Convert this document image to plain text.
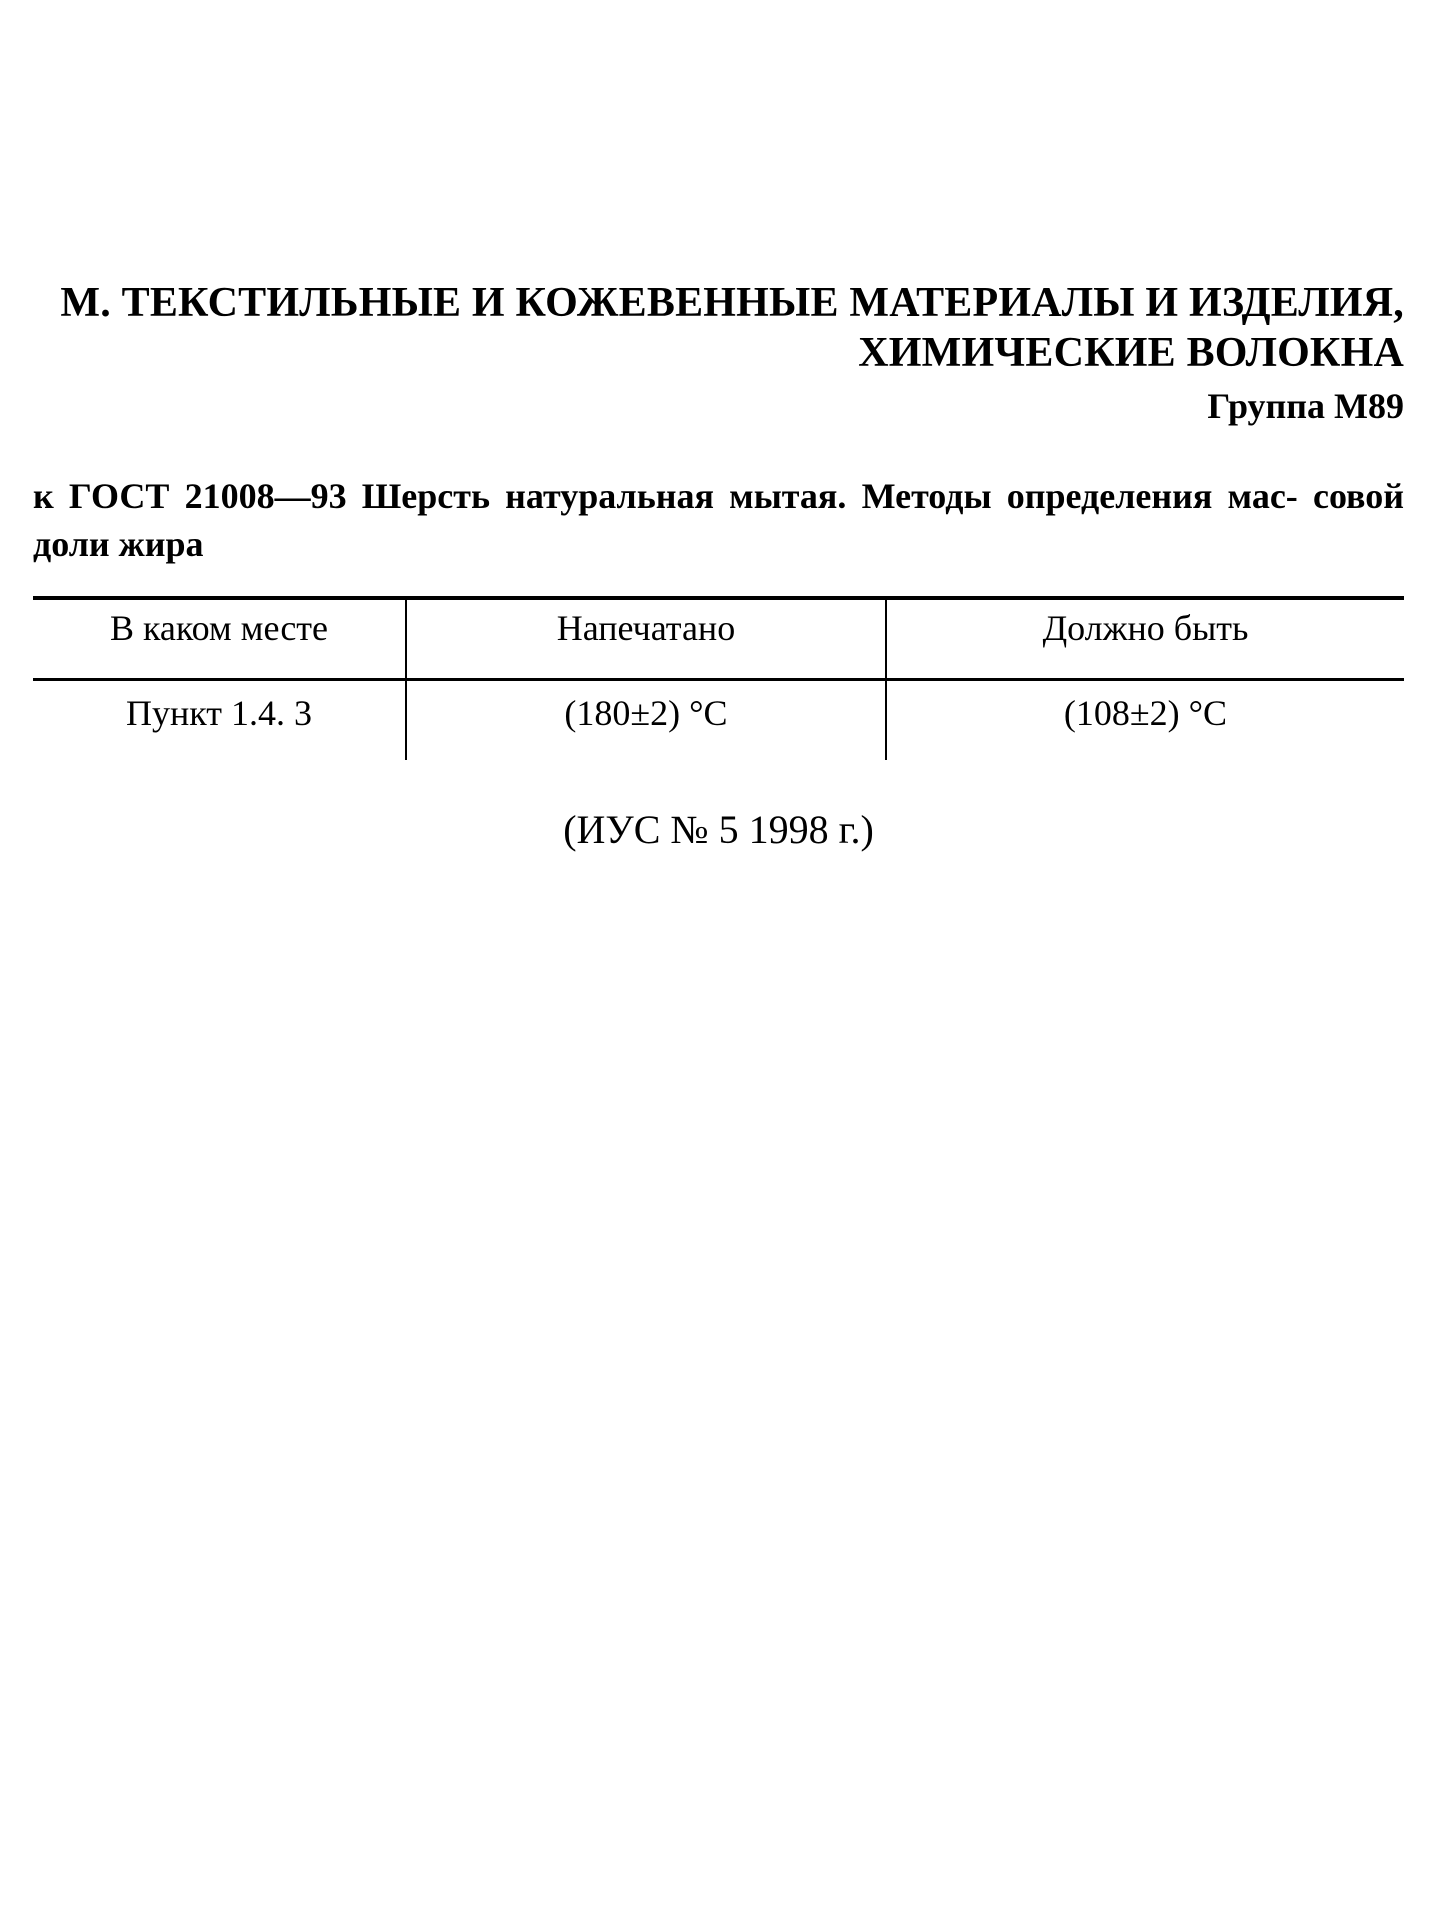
М. ТЕКСТИЛЬНЫЕ И КОЖЕВЕННЫЕ МАТЕРИАЛЫ И ИЗДЕЛИЯ,
ХИМИЧЕСКИЕ ВОЛОКНА
Группа М89
к ГОСТ 21008—93 Шерсть натуральная мытая. Методы определения мас- совой доли жира
В каком месте	Напечатано	Должно быть
Пункт 1.4. 3	(180±2) °С	(108±2) °С
(ИУС № 5 1998 г.)
